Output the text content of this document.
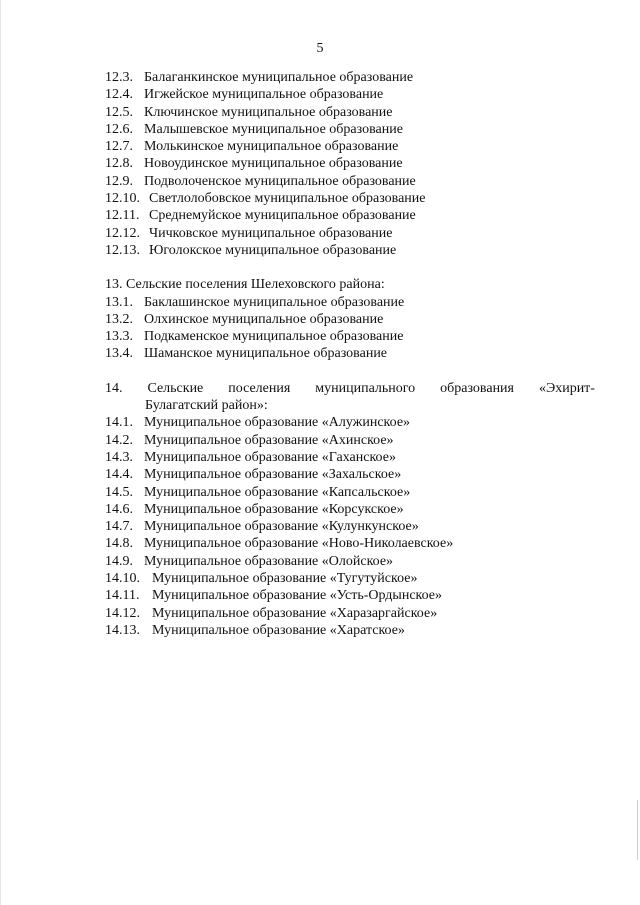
5
12.3. Балаганкинское муниципальное образование
12.4. Игжейское муниципальное образование
12.5. Ключинское муниципальное образование
12.6. Малышевское муниципальное образование
12.7. Молькинское муниципальное образование
12.8. Новоудинское муниципальное образование
12.9. Подволоченское муниципальное образование
12.10. Светлолобовское муниципальное образование
12.11. Среднемуйское муниципальное образование
12.12. Чичковское муниципальное образование
12.13. Юголокское муниципальное образование
13. Сельские поселения Шелеховского района:
13.1. Баклашинское муниципальное образование
13.2. Олхинское муниципальное образование
13.3. Подкаменское муниципальное образование
13.4. Шаманское муниципальное образование
14. Сельские поселения муниципального образования «Эхирит-
Булагатский район»:
14.1. Муниципальное образование «Алужинское»
14.2. Муниципальное образование «Ахинское»
14.3. Муниципальное образование «Гаханское»
14.4. Муниципальное образование «Захальское»
14.5. Муниципальное образование «Капсальское»
14.6. Муниципальное образование «Корсукское»
14.7. Муниципальное образование «Кулункунское»
14.8. Муниципальное образование «Ново-Николаевское»
14.9. Муниципальное образование «Олойское»
14.10. Муниципальное образование «Тугутуйское»
14.11. Муниципальное образование «Усть-Ордынское»
14.12. Муниципальное образование «Харазаргайское»
14.13. Муниципальное образование «Харатское»
